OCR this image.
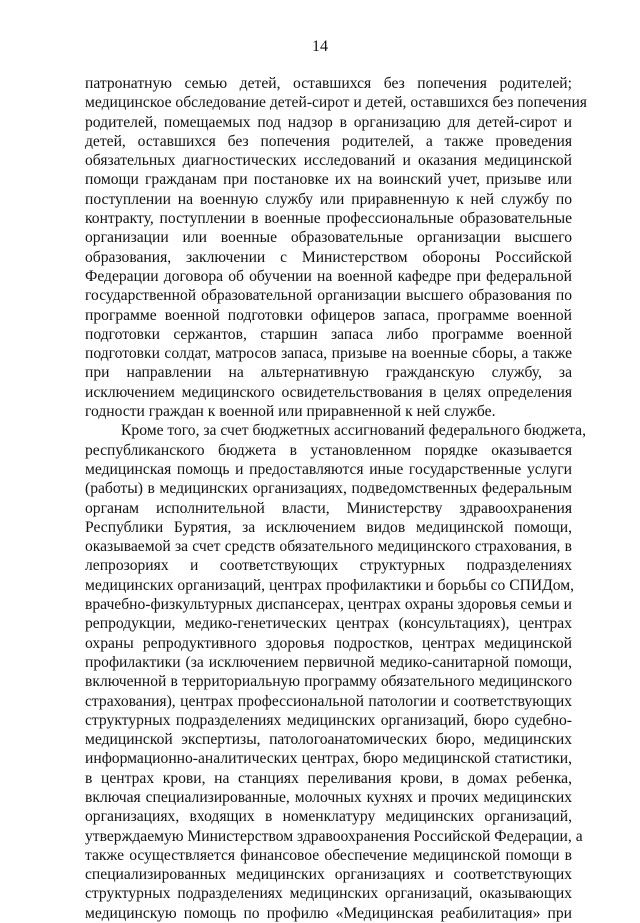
14
патронатную семью детей, оставшихся без попечения родителей;
медицинское обследование детей-сирот и детей, оставшихся без попечения
родителей, помещаемых под надзор в организацию для детей-сирот и
детей, оставшихся без попечения родителей, а также проведения
обязательных диагностических исследований и оказания медицинской
помощи гражданам при постановке их на воинский учет, призыве или
поступлении на военную службу или приравненную к ней службу по
контракту, поступлении в военные профессиональные образовательные
организации или военные образовательные организации высшего
образования, заключении с Министерством обороны Российской
Федерации договора об обучении на военной кафедре при федеральной
государственной образовательной организации высшего образования по
программе военной подготовки офицеров запаса, программе военной
подготовки сержантов, старшин запаса либо программе военной
подготовки солдат, матросов запаса, призыве на военные сборы, а также
при направлении на альтернативную гражданскую службу, за
исключением медицинского освидетельствования в целях определения
годности граждан к военной или приравненной к ней службе.
Кроме того, за счет бюджетных ассигнований федерального бюджета,
республиканского бюджета в установленном порядке оказывается
медицинская помощь и предоставляются иные государственные услуги
(работы) в медицинских организациях, подведомственных федеральным
органам исполнительной власти, Министерству здравоохранения
Республики Бурятия, за исключением видов медицинской помощи,
оказываемой за счет средств обязательного медицинского страхования, в
лепрозориях и соответствующих структурных подразделениях
медицинских организаций, центрах профилактики и борьбы со СПИДом,
врачебно-физкультурных диспансерах, центрах охраны здоровья семьи и
репродукции, медико-генетических центрах (консультациях), центрах
охраны репродуктивного здоровья подростков, центрах медицинской
профилактики (за исключением первичной медико-санитарной помощи,
включенной в территориальную программу обязательного медицинского
страхования), центрах профессиональной патологии и соответствующих
структурных подразделениях медицинских организаций, бюро судебно-
медицинской экспертизы, патологоанатомических бюро, медицинских
информационно-аналитических центрах, бюро медицинской статистики,
в центрах крови, на станциях переливания крови, в домах ребенка,
включая специализированные, молочных кухнях и прочих медицинских
организациях, входящих в номенклатуру медицинских организаций,
утверждаемую Министерством здравоохранения Российской Федерации, а
также осуществляется финансовое обеспечение медицинской помощи в
специализированных медицинских организациях и соответствующих
структурных подразделениях медицинских организаций, оказывающих
медицинскую помощь по профилю «Медицинская реабилитация» при
